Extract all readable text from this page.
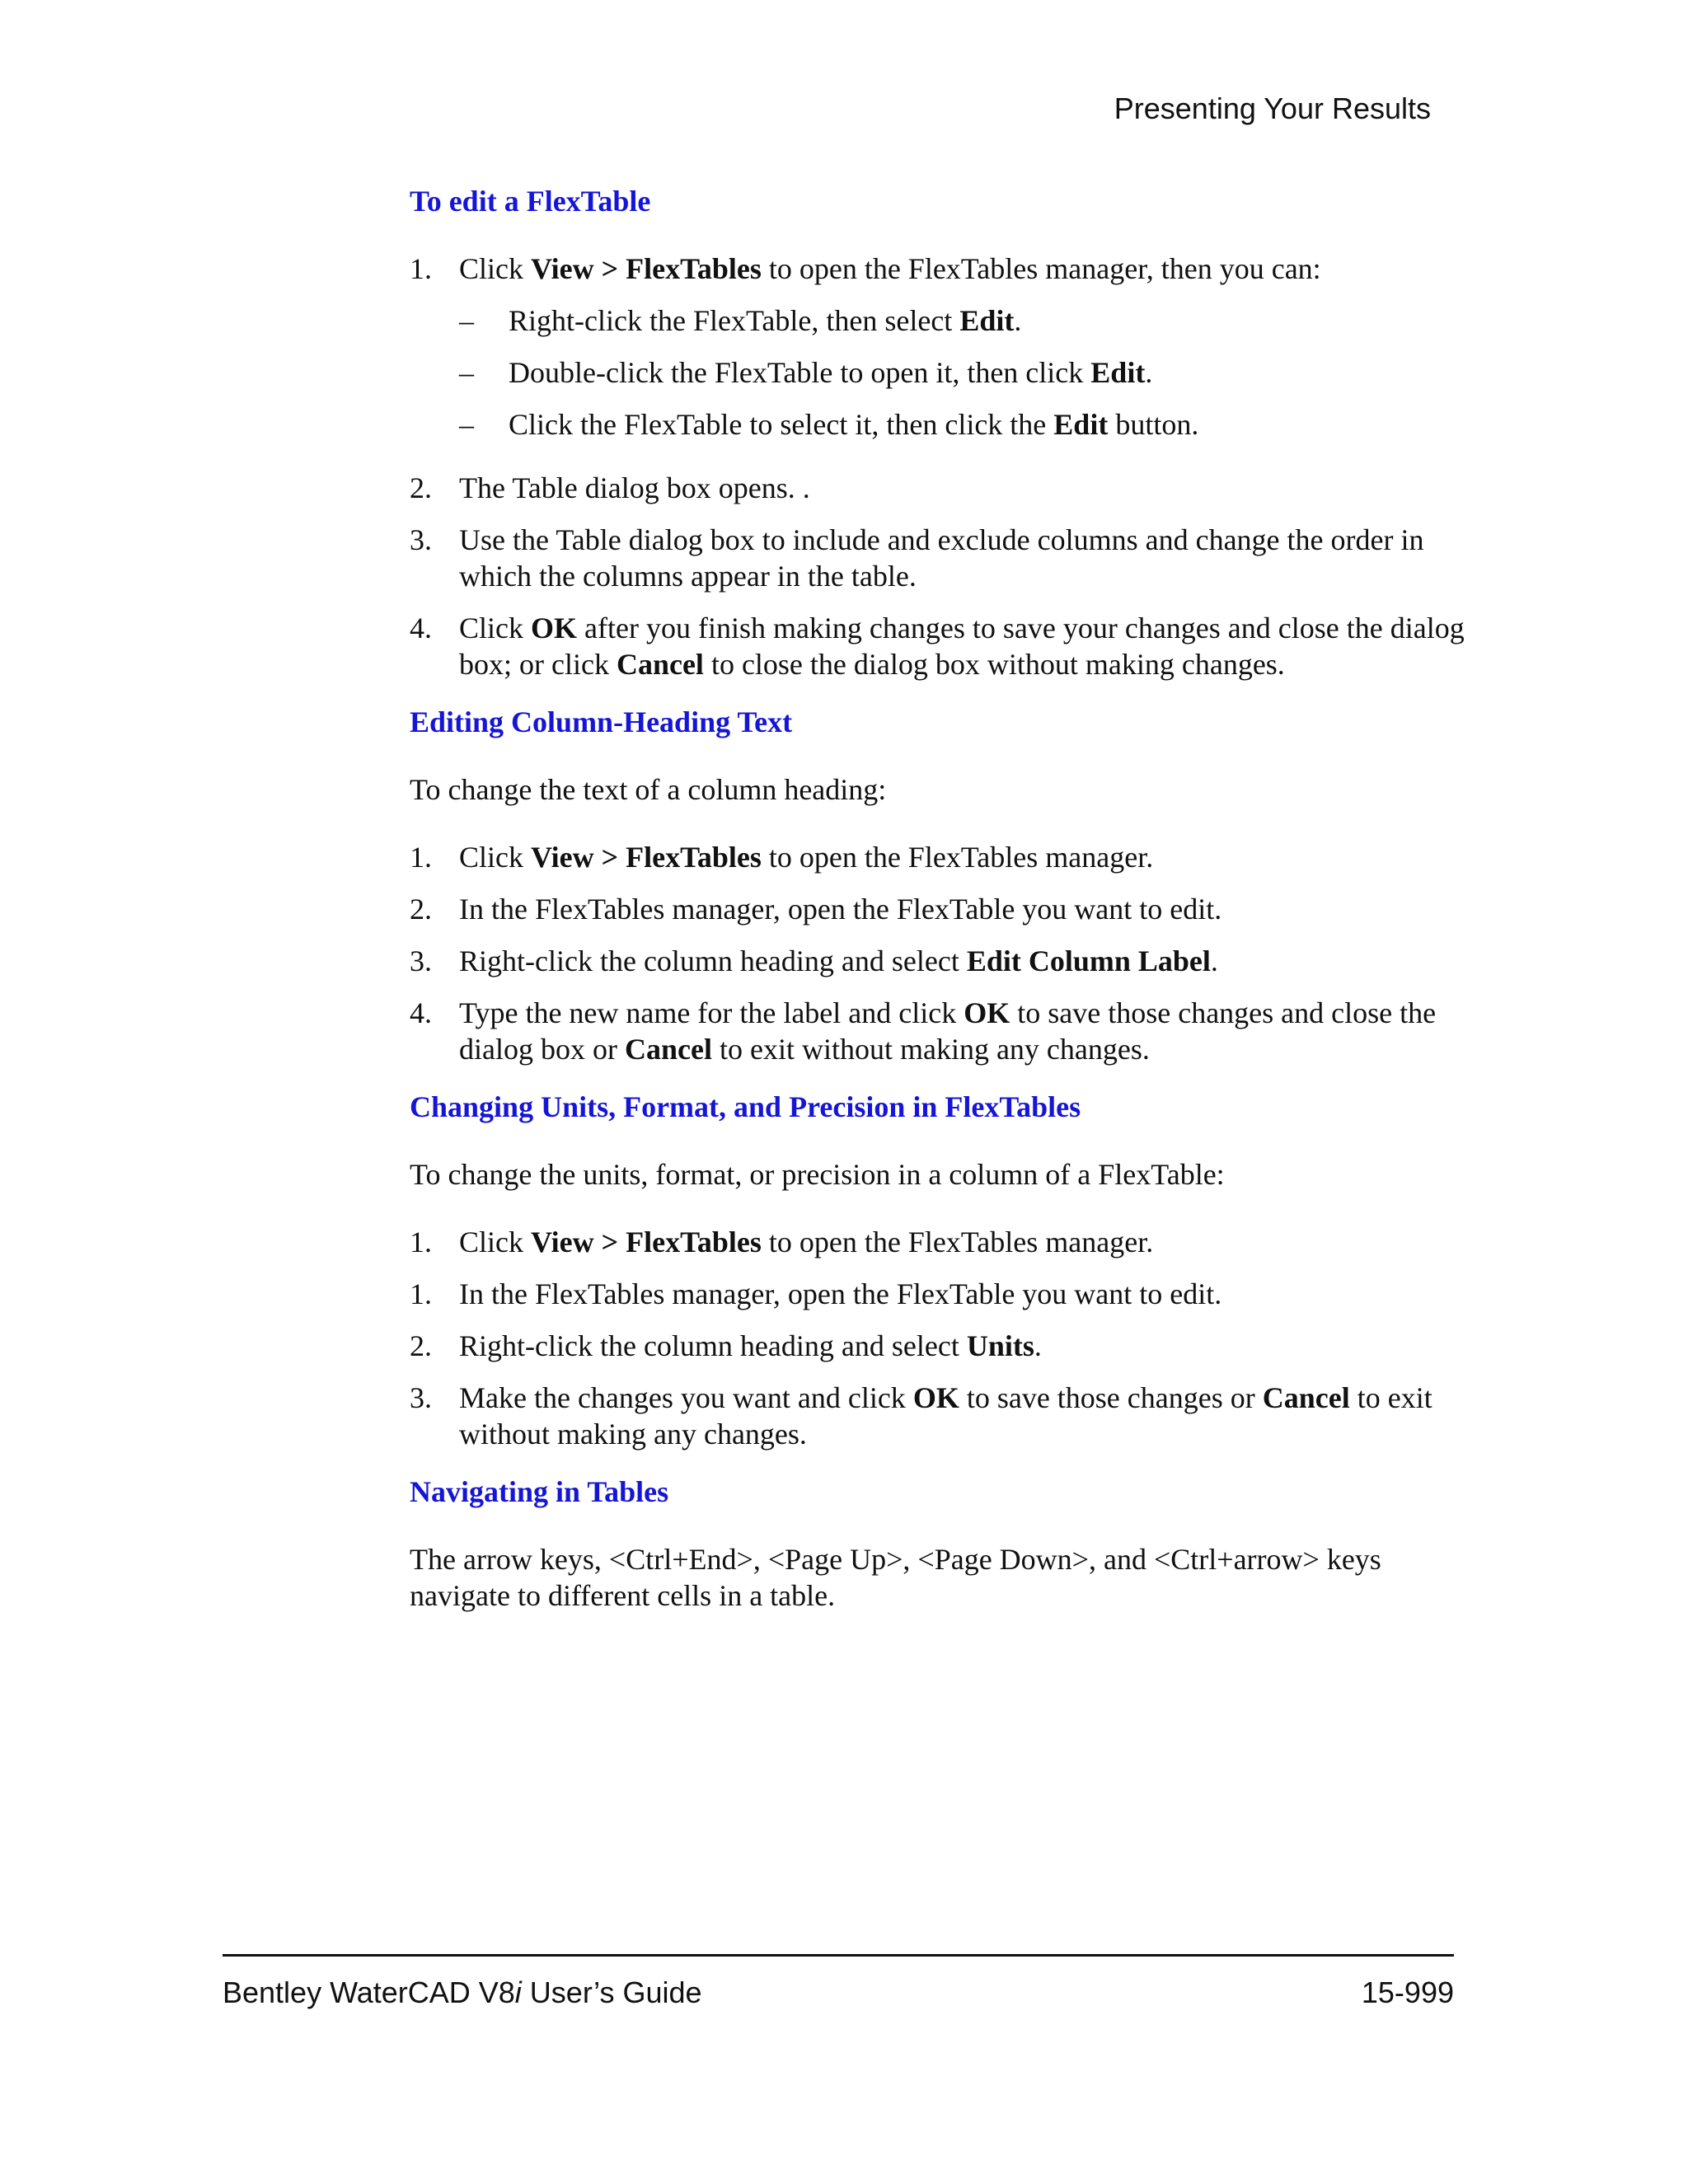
Presenting Your Results
To edit a FlexTable
1. Click View > FlexTables to open the FlexTables manager, then you can:
– Right-click the FlexTable, then select Edit.
– Double-click the FlexTable to open it, then click Edit.
– Click the FlexTable to select it, then click the Edit button.
2. The Table dialog box opens. .
3. Use the Table dialog box to include and exclude columns and change the order in which the columns appear in the table.
4. Click OK after you finish making changes to save your changes and close the dialog box; or click Cancel to close the dialog box without making changes.
Editing Column-Heading Text
To change the text of a column heading:
1. Click View > FlexTables to open the FlexTables manager.
2. In the FlexTables manager, open the FlexTable you want to edit.
3. Right-click the column heading and select Edit Column Label.
4. Type the new name for the label and click OK to save those changes and close the dialog box or Cancel to exit without making any changes.
Changing Units, Format, and Precision in FlexTables
To change the units, format, or precision in a column of a FlexTable:
1. Click View > FlexTables to open the FlexTables manager.
1. In the FlexTables manager, open the FlexTable you want to edit.
2. Right-click the column heading and select Units.
3. Make the changes you want and click OK to save those changes or Cancel to exit without making any changes.
Navigating in Tables
The arrow keys, <Ctrl+End>, <Page Up>, <Page Down>, and <Ctrl+arrow> keys navigate to different cells in a table.
Bentley WaterCAD V8i User’s Guide	15-999
